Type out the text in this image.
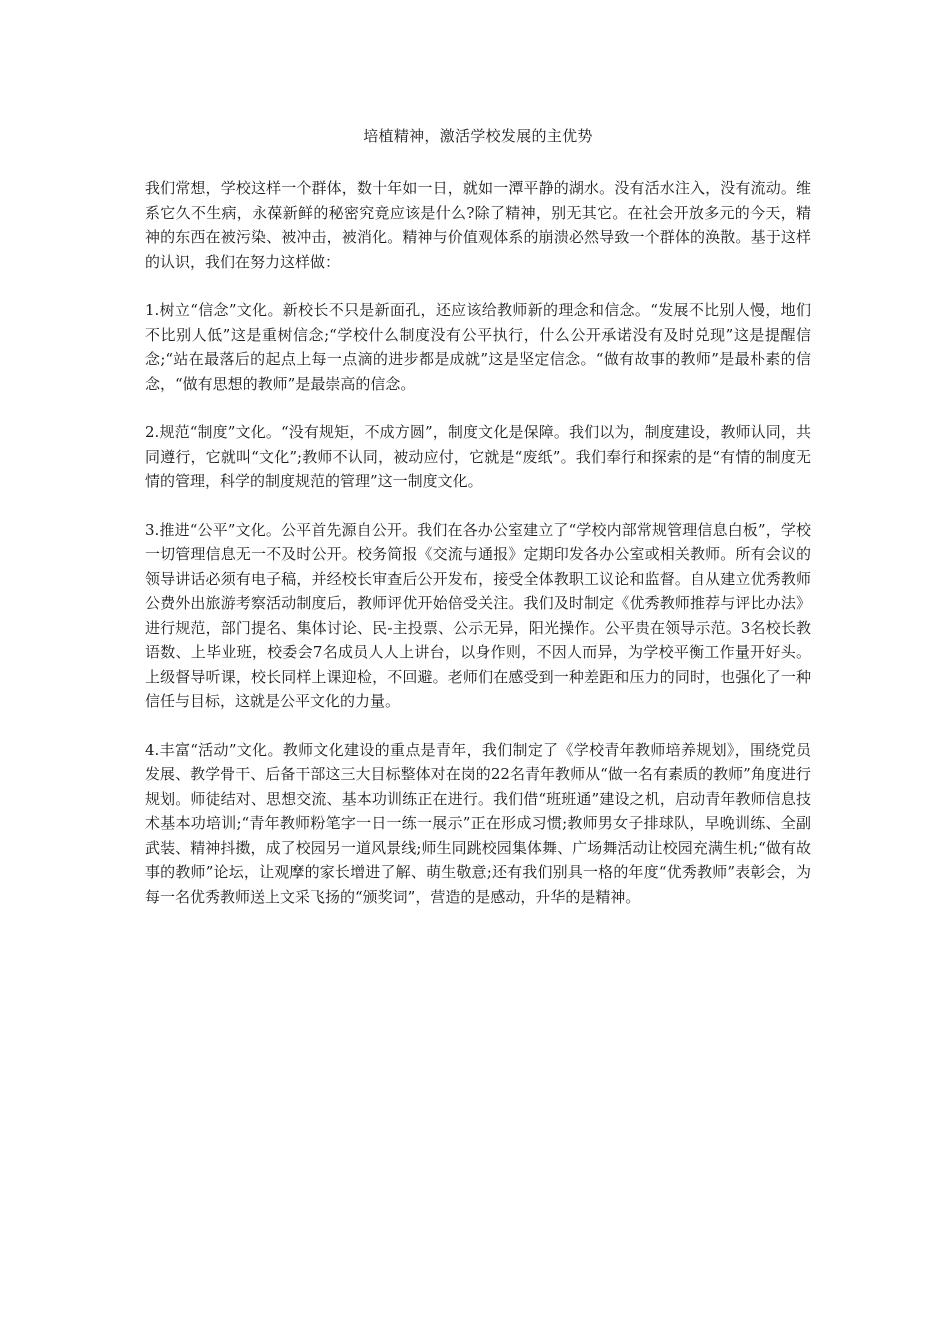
培植精神，激活学校发展的主优势

我们常想，学校这样一个群体，数十年如一日，就如一潭平静的湖水。没有活水注入，没有流动。维系它久不生病，永葆新鲜的秘密究竟应该是什么?除了精神，别无其它。在社会开放多元的今天，精神的东西在被污染、被冲击，被消化。精神与价值观体系的崩溃必然导致一个群体的涣散。基于这样的认识，我们在努力这样做：

1.树立“信念”文化。新校长不只是新面孔，还应该给教师新的理念和信念。“发展不比别人慢，地们不比别人低”这是重树信念;“学校什么制度没有公平执行，什么公开承诺没有及时兑现”这是提醒信念;“站在最落后的起点上每一点滴的进步都是成就”这是坚定信念。“做有故事的教师”是最朴素的信念，“做有思想的教师”是最崇高的信念。

2.规范“制度”文化。“没有规矩，不成方圆”，制度文化是保障。我们以为，制度建设，教师认同，共同遵行，它就叫“文化”;教师不认同，被动应付，它就是“废纸”。我们奉行和探索的是“有情的制度无情的管理，科学的制度规范的管理”这一制度文化。

3.推进“公平”文化。公平首先源自公开。我们在各办公室建立了“学校内部常规管理信息白板”，学校一切管理信息无一不及时公开。校务简报《交流与通报》定期印发各办公室或相关教师。所有会议的领导讲话必须有电子稿，并经校长审查后公开发布，接受全体教职工议论和监督。自从建立优秀教师公费外出旅游考察活动制度后，教师评优开始倍受关注。我们及时制定《优秀教师推荐与评比办法》进行规范，部门提名、集体讨论、民-主投票、公示无异，阳光操作。公平贵在领导示范。3名校长教语数、上毕业班，校委会7名成员人人上讲台，以身作则，不因人而异，为学校平衡工作量开好头。上级督导听课，校长同样上课迎检，不回避。老师们在感受到一种差距和压力的同时，也强化了一种信任与目标，这就是公平文化的力量。

4.丰富“活动”文化。教师文化建设的重点是青年，我们制定了《学校青年教师培养规划》，围绕党员发展、教学骨干、后备干部这三大目标整体对在岗的22名青年教师从“做一名有素质的教师”角度进行规划。师徒结对、思想交流、基本功训练正在进行。我们借“班班通”建设之机，启动青年教师信息技术基本功培训;“青年教师粉笔字一日一练一展示”正在形成习惯;教师男女子排球队，早晚训练、全副武装、精神抖擞，成了校园另一道风景线;师生同跳校园集体舞、广场舞活动让校园充满生机;“做有故事的教师”论坛，让观摩的家长增进了解、萌生敬意;还有我们别具一格的年度“优秀教师”表彰会，为每一名优秀教师送上文采飞扬的“颁奖词”，营造的是感动，升华的是精神。
